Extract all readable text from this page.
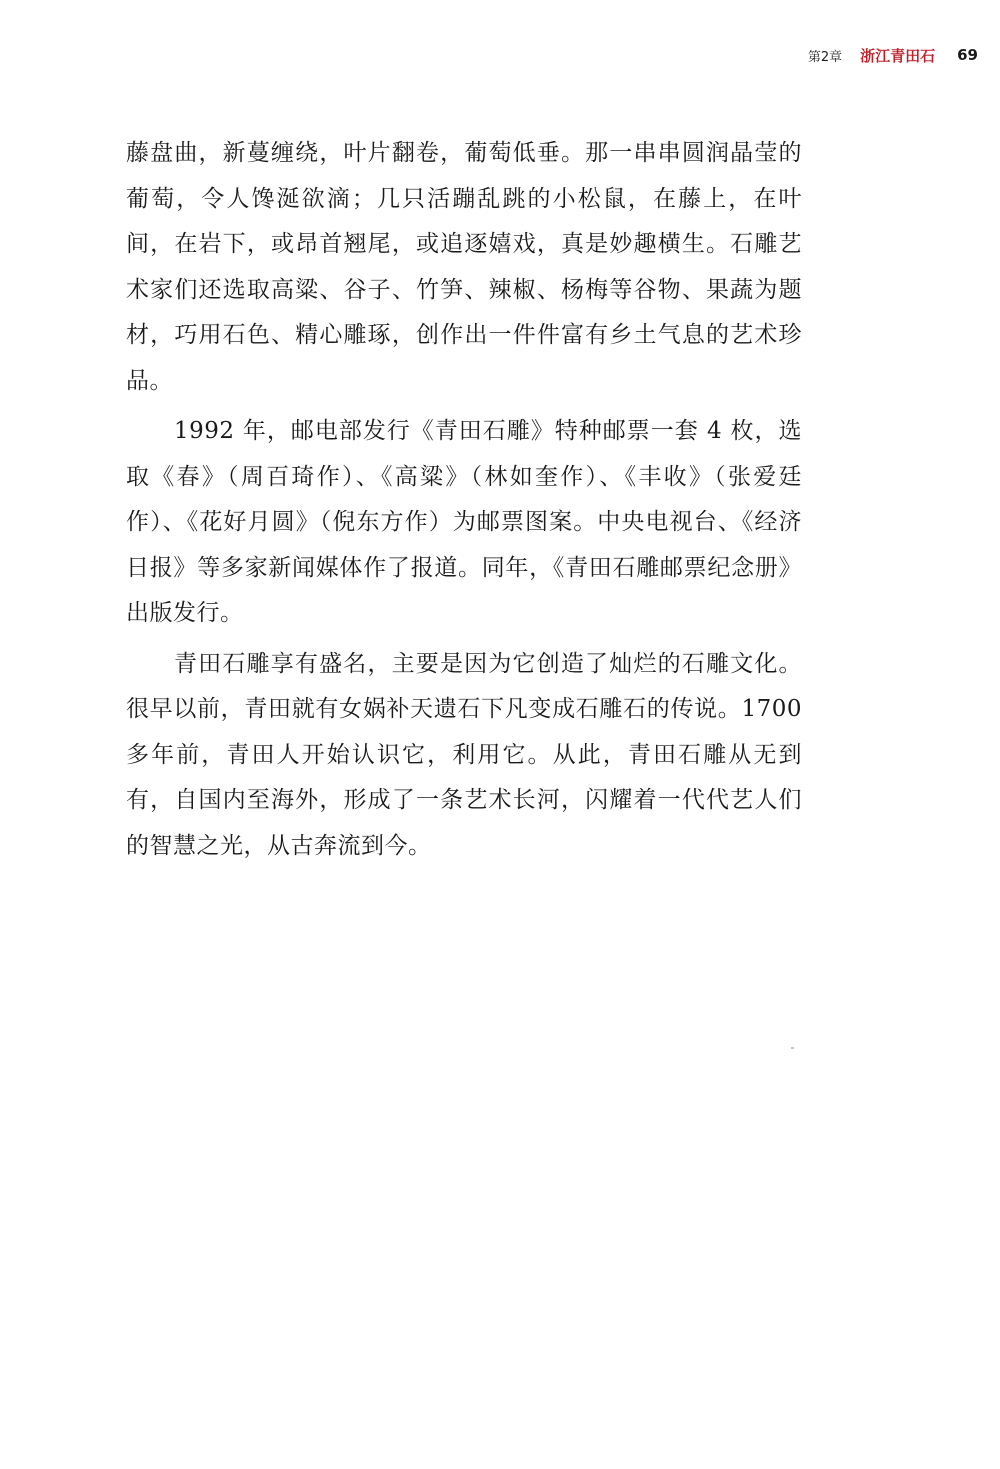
第2章 浙江青田石 69

藤盘曲，新蔓缠绕，叶片翻卷，葡萄低垂。那一串串圆润晶莹的葡萄，令人馋涎欲滴；几只活蹦乱跳的小松鼠，在藤上，在叶间，在岩下，或昂首翘尾，或追逐嬉戏，真是妙趣横生。石雕艺术家们还选取高粱、谷子、竹笋、辣椒、杨梅等谷物、果蔬为题材，巧用石色、精心雕琢，创作出一件件富有乡土气息的艺术珍品。

1992 年，邮电部发行《青田石雕》特种邮票一套 4 枚，选取《春》（周百琦作）、《高粱》（林如奎作）、《丰收》（张爱廷作）、《花好月圆》（倪东方作）为邮票图案。中央电视台、《经济日报》等多家新闻媒体作了报道。同年，《青田石雕邮票纪念册》出版发行。

青田石雕享有盛名，主要是因为它创造了灿烂的石雕文化。很早以前，青田就有女娲补天遗石下凡变成石雕石的传说。1700 多年前，青田人开始认识它，利用它。从此，青田石雕从无到有，自国内至海外，形成了一条艺术长河，闪耀着一代代艺人们的智慧之光，从古奔流到今。
